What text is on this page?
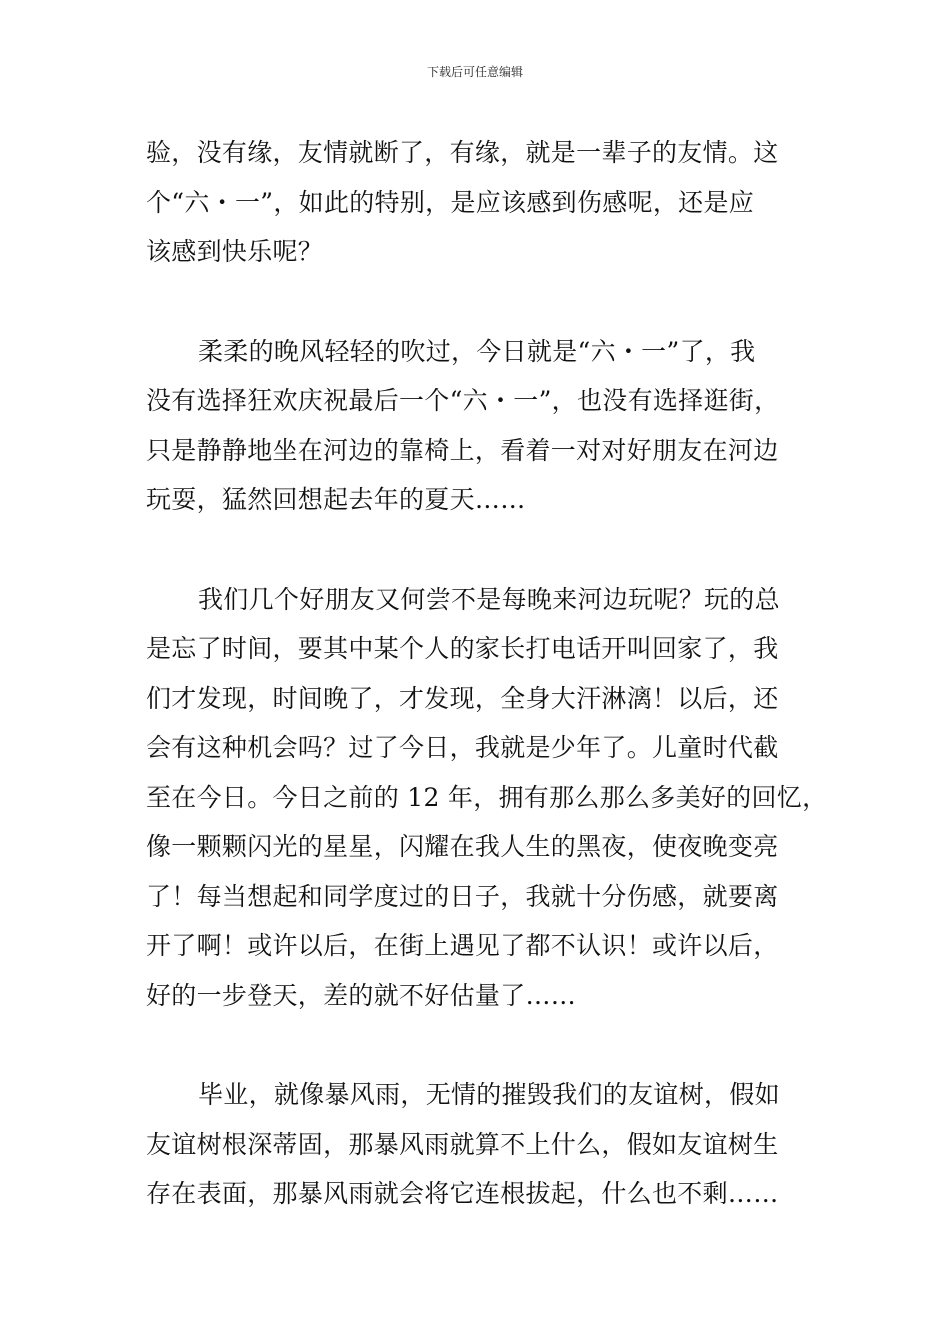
下载后可任意编辑
验，没有缘，友情就断了，有缘，就是一辈子的友情。这
个“六・一”，如此的特别，是应该感到伤感呢，还是应
该感到快乐呢？
柔柔的晚风轻轻的吹过，今日就是“六・一”了，我
没有选择狂欢庆祝最后一个“六・一”，也没有选择逛街，
只是静静地坐在河边的靠椅上，看着一对对好朋友在河边
玩耍，猛然回想起去年的夏天……
我们几个好朋友又何尝不是每晚来河边玩呢？玩的总
是忘了时间，要其中某个人的家长打电话开叫回家了，我
们才发现，时间晚了，才发现，全身大汗淋漓！以后，还
会有这种机会吗？过了今日，我就是少年了。儿童时代截
至在今日。今日之前的 12 年，拥有那么那么多美好的回忆，
像一颗颗闪光的星星，闪耀在我人生的黑夜，使夜晚变亮
了！每当想起和同学度过的日子，我就十分伤感，就要离
开了啊！或许以后，在街上遇见了都不认识！或许以后，
好的一步登天，差的就不好估量了……
毕业，就像暴风雨，无情的摧毁我们的友谊树，假如
友谊树根深蒂固，那暴风雨就算不上什么，假如友谊树生
存在表面，那暴风雨就会将它连根拔起，什么也不剩……
